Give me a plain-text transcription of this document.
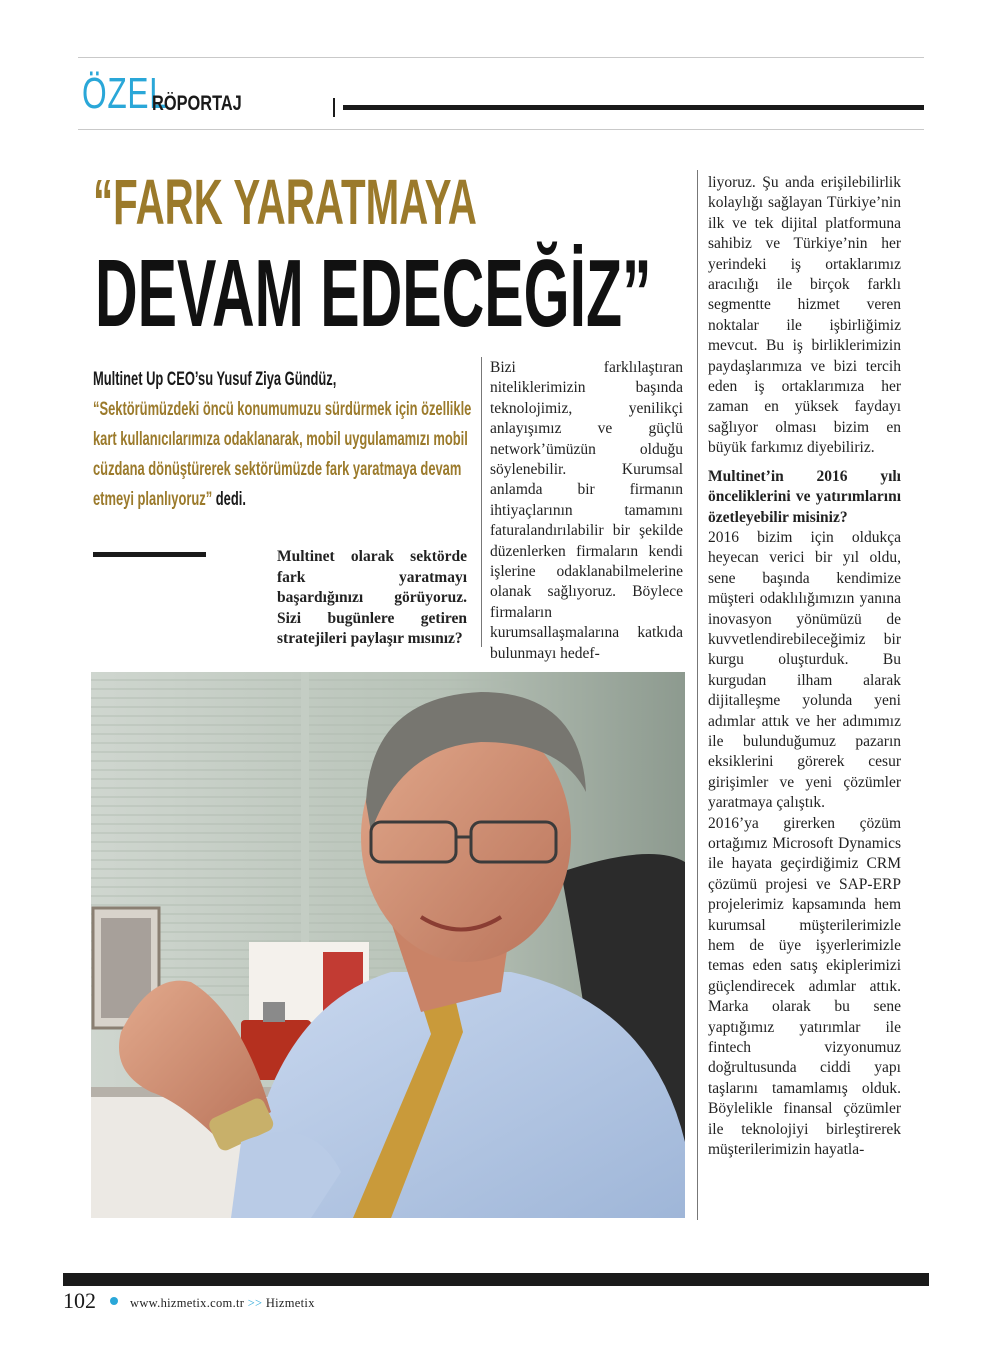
ÖZEL
RÖPORTAJ
“FARK YARATMAYA
DEVAM EDECEĞİZ”
Multinet Up CEO’su Yusuf Ziya Gündüz,
“Sektörümüzdeki öncü konumumuzu sürdürmek için özellikle kart kullanıcılarımıza odaklanarak, mobil uygulamamızı mobil cüzdana dönüştürerek sektörümüzde fark yaratmaya devam etmeyi planlıyoruz” dedi.
Multinet olarak sektörde fark yaratmayı başardığınızı görüyoruz. Sizi bugünlere getiren stratejileri paylaşır mısınız?
Bizi farklılaştıran niteliklerimizin başında teknolojimiz, yenilikçi anlayışımız ve güçlü network’ümüzün olduğu söylenebilir. Kurumsal anlamda bir firmanın ihtiyaçlarının tamamını faturalandırılabilir bir şekilde düzenlerken firmaların kendi işlerine odaklanabilmelerine olanak sağlıyoruz. Böylece firmaların kurumsallaşmalarına katkıda bulunmayı hedef-
liyoruz. Şu anda erişilebilirlik kolaylığı sağlayan Türkiye’nin ilk ve tek dijital platformuna sahibiz ve Türkiye’nin her yerindeki iş ortaklarımız aracılığı ile birçok farklı segmentte hizmet veren noktalar ile işbirliğimiz mevcut. Bu iş birliklerimizin paydaşlarımıza ve bizi tercih eden iş ortaklarımıza her zaman en yüksek faydayı sağlıyor olması bizim en büyük farkımız diyebiliriz.
Multinet’in 2016 yılı önceliklerini ve yatırımlarını özetleyebilir misiniz?
2016 bizim için oldukça heyecan verici bir yıl oldu, sene başında kendimize müşteri odaklılığımızın yanına inovasyon yönümüzü de kuvvetlendirebileceğimiz bir kurgu oluşturduk. Bu kurgudan ilham alarak dijitalleşme yolunda yeni adımlar attık ve her adımımız ile bulunduğumuz pazarın eksiklerini görerek cesur girişimler ve yeni çözümler yaratmaya çalıştık.
2016’ya girerken çözüm ortağımız Microsoft Dynamics ile hayata geçirdiğimiz CRM çözümü projesi ve SAP-ERP projelerimiz kapsamında hem kurumsal müşterilerimizle hem de üye işyerlerimizle temas eden satış ekiplerimizi güçlendirecek adımlar attık. Marka olarak bu sene yaptığımız yatırımlar ile fintech vizyonumuz doğrultusunda ciddi yapı taşlarını tamamlamış olduk. Böylelikle finansal çözümler ile teknolojiyi birleştirerek müşterilerimizin hayatla-
102	www.hizmetix.com.tr >> Hizmetix
